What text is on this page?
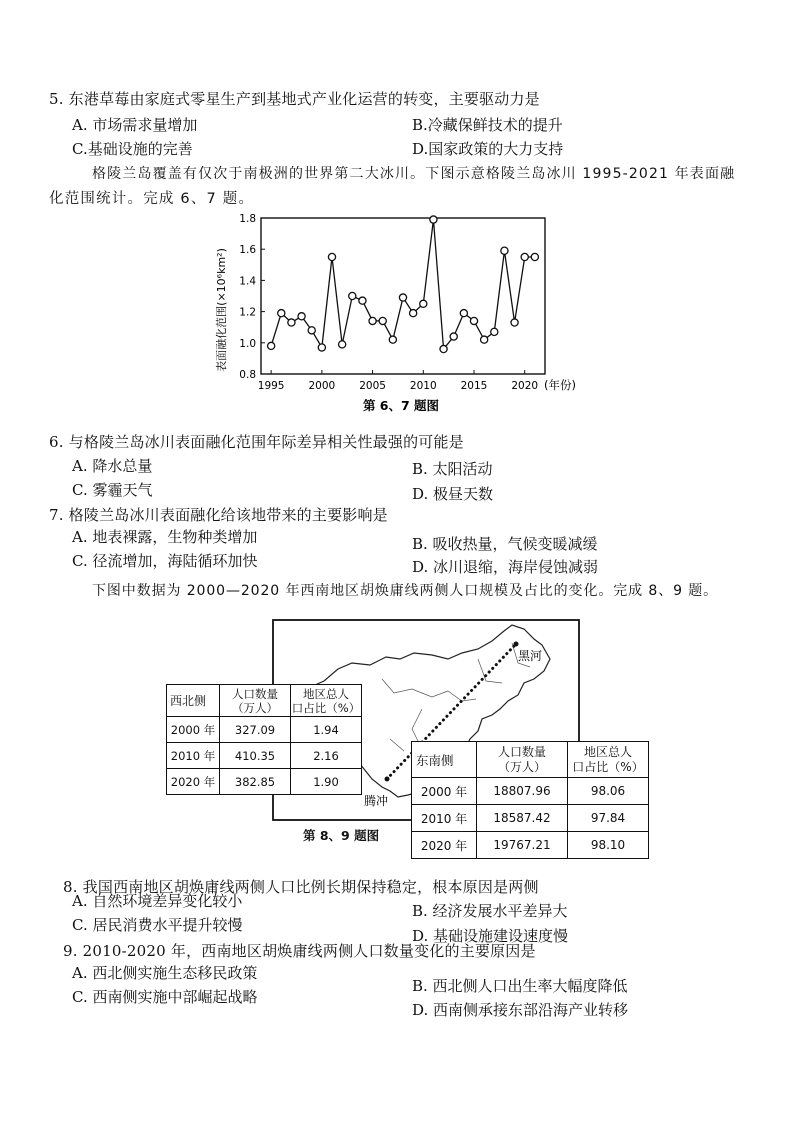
5. 东港草莓由家庭式零星生产到基地式产业化运营的转变，主要驱动力是
A. 市场需求量增加	B.冷藏保鲜技术的提升
C.基础设施的完善	D.国家政策的大力支持
格陵兰岛覆盖有仅次于南极洲的世界第二大冰川。下图示意格陵兰岛冰川 1995-2021 年表面融
化范围统计。完成 6、7 题。
0.8
1.0
1.2
1.4
1.6
1.8
1995 2000 2005 2010 2015 2020
表面融化范围(×10⁶km²)
(年份)
第 6、7 题图
6. 与格陵兰岛冰川表面融化范围年际差异相关性最强的可能是
A. 降水总量	B. 太阳活动
C. 雾霾天气	D. 极昼天数
7. 格陵兰岛冰川表面融化给该地带来的主要影响是
A. 地表裸露，生物种类增加	B. 吸收热量，气候变暖减缓
C. 径流增加，海陆循环加快	D. 冰川退缩，海岸侵蚀减弱
下图中数据为 2000—2020 年西南地区胡焕庸线两侧人口规模及占比的变化。完成 8、9 题。
黑河
腾冲
西北侧	人口数量
（万人）	地区总人
口占比（%）
2000 年	327.09	1.94
2010 年	410.35	2.16
2020 年	382.85	1.90
东南侧	人口数量
（万人）	地区总人
口占比（%）
2000 年	18807.96	98.06
2010 年	18587.42	97.84
2020 年	19767.21	98.10
第 8、9 题图
8. 我国西南地区胡焕庸线两侧人口比例长期保持稳定，根本原因是两侧
A. 自然环境差异变化较小
B. 经济发展水平差异大
C. 居民消费水平提升较慢
D. 基础设施建设速度慢
9. 2010-2020 年，西南地区胡焕庸线两侧人口数量变化的主要原因是
A. 西北侧实施生态移民政策
B. 西北侧人口出生率大幅度降低
C. 西南侧实施中部崛起战略
D. 西南侧承接东部沿海产业转移
